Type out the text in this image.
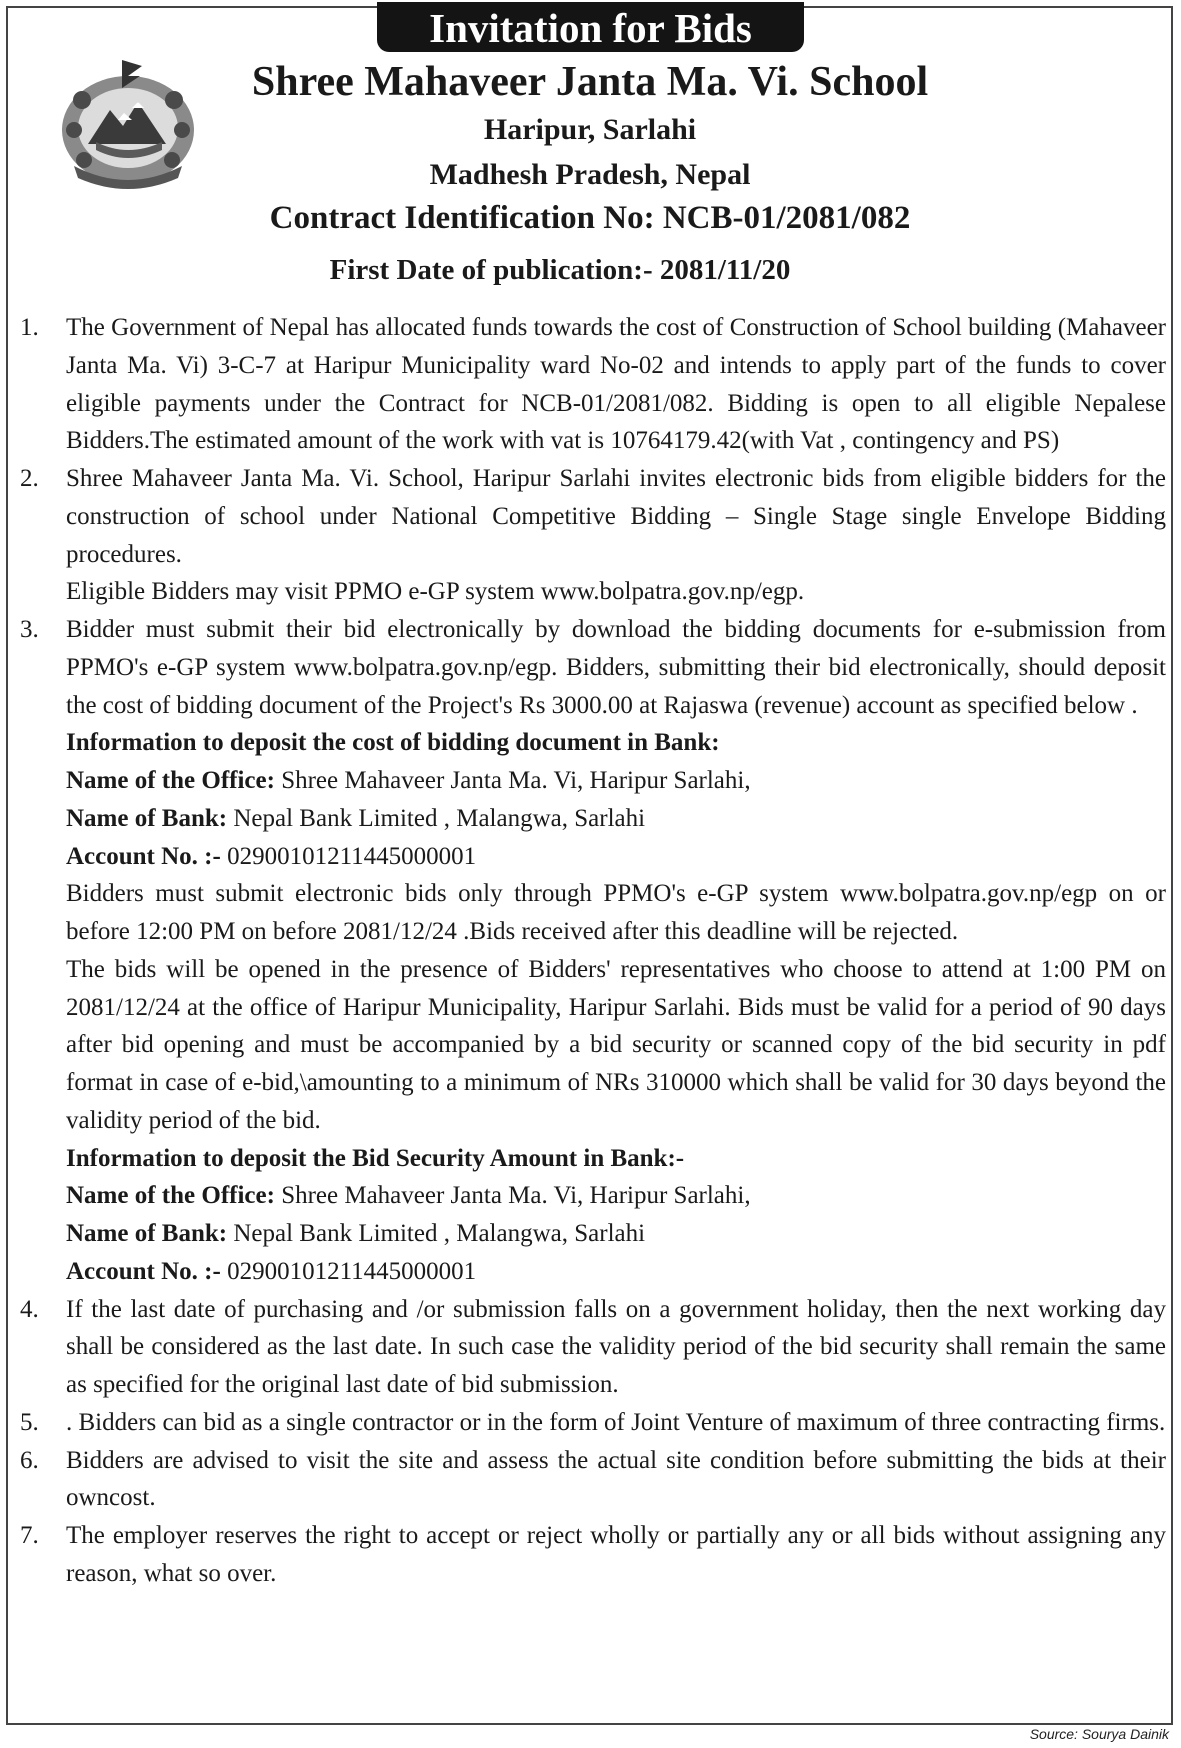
Invitation for Bids
Shree Mahaveer Janta Ma. Vi. School
Haripur, Sarlahi
Madhesh Pradesh, Nepal
Contract Identification No: NCB-01/2081/082
First Date of publication:- 2081/11/20
1.	The Government of Nepal has allocated funds towards the cost of Construction of School building (Mahaveer Janta Ma. Vi) 3-C-7 at Haripur Municipality ward No-02 and intends to apply part of the funds to cover eligible payments under the Contract for NCB-01/2081/082. Bidding is open to all eligible Nepalese Bidders.The estimated amount of the work with vat is 10764179.42(with Vat , contingency and PS)

2.	Shree Mahaveer Janta Ma. Vi. School, Haripur Sarlahi invites electronic bids from eligible bidders for the construction of school under National Competitive Bidding – Single Stage single Envelope Bidding procedures.

Eligible Bidders may visit PPMO e-GP system www.bolpatra.gov.np/egp.

3.	Bidder must submit their bid electronically by download the bidding documents for e-submission from PPMO's e-GP system www.bolpatra.gov.np/egp. Bidders, submitting their bid electronically, should deposit the cost of bidding document of the Project's Rs 3000.00 at Rajaswa (revenue) account as specified below .

Information to deposit the cost of bidding document in Bank:

Name of the Office: Shree Mahaveer Janta Ma. Vi, Haripur Sarlahi,

Name of Bank: Nepal Bank Limited , Malangwa, Sarlahi

Account No. :- 02900101211445000001

Bidders must submit electronic bids only through PPMO's e-GP system www.bolpatra.gov.np/egp on or before 12:00 PM on before 2081/12/24 .Bids received after this deadline will be rejected.

The bids will be opened in the presence of Bidders' representatives who choose to attend at 1:00 PM on 2081/12/24 at the office of Haripur Municipality, Haripur Sarlahi. Bids must be valid for a period of 90 days after bid opening and must be accompanied by a bid security or scanned copy of the bid security in pdf format in case of e-bid,\amounting to a minimum of NRs 310000 which shall be valid for 30 days beyond the validity period of the bid.

Information to deposit the Bid Security Amount in Bank:-

Name of the Office: Shree Mahaveer Janta Ma. Vi, Haripur Sarlahi,

Name of Bank: Nepal Bank Limited , Malangwa, Sarlahi

Account No. :- 02900101211445000001

4.	If the last date of purchasing and /or submission falls on a government holiday, then the next working day shall be considered as the last date. In such case the validity period of the bid security shall remain the same as specified for the original last date of bid submission.

5.	. Bidders can bid as a single contractor or in the form of Joint Venture of maximum of three contracting firms.

6.	Bidders are advised to visit the site and assess the actual site condition before submitting the bids at their owncost.

7.	The employer reserves the right to accept or reject wholly or partially any or all bids without assigning any reason, what so over.

Source: Sourya Dainik
